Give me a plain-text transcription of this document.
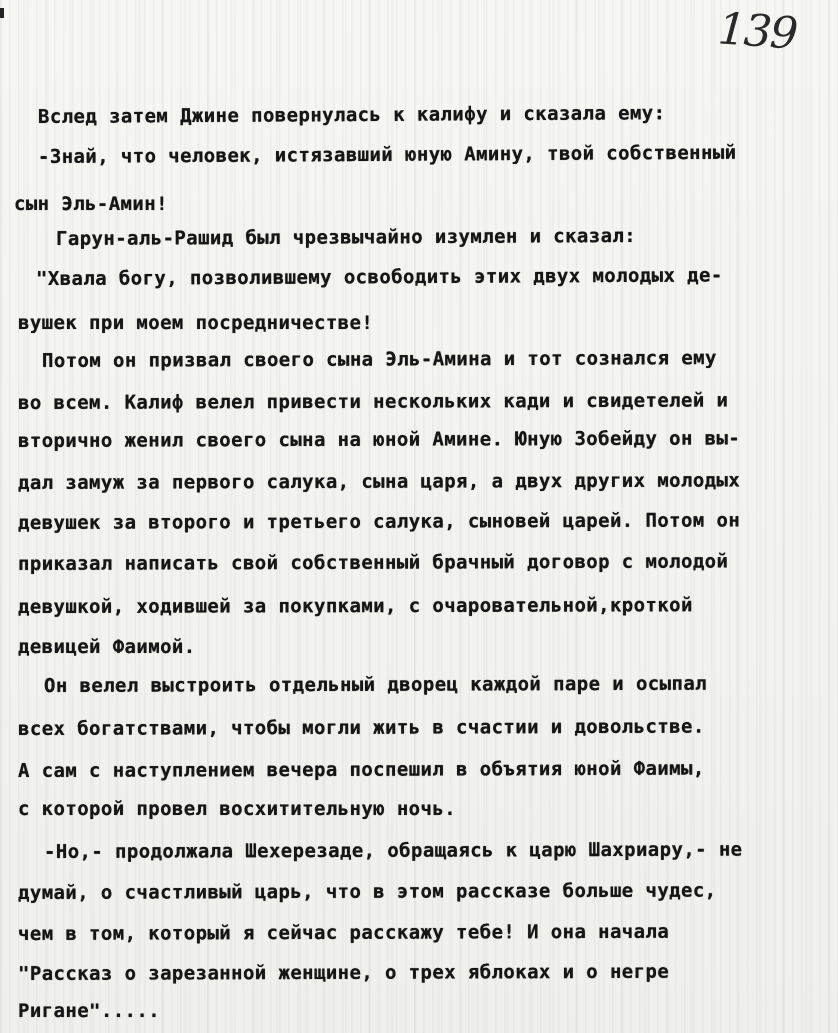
139
Вслед затем Джине повернулась к калифу и сказала ему:
-Знай, что человек, истязавший юную Амину, твой собственный
сын Эль-Амин!
Гарун-аль-Рашид был чрезвычайно изумлен и сказал:
"Хвала богу, позволившему освободить этих двух молодых де-
вушек при моем посредничестве!
Потом он призвал своего сына Эль-Амина и тот сознался ему
во всем. Калиф велел привести нескольких кади и свидетелей и
вторично женил своего сына на юной Амине. Юную Зобейду он вы-
дал замуж за первого салука, сына царя, а двух других молодых
девушек за второго и третьего салука, сыновей царей. Потом он
приказал написать свой собственный брачный договор с молодой
девушкой, ходившей за покупками, с очаровательной,кроткой
девицей Фаимой.
Он велел выстроить отдельный дворец каждой паре и осыпал
всех богатствами, чтобы могли жить в счастии и довольстве.
А сам с наступлением вечера поспешил в объятия юной Фаимы,
с которой провел восхитительную ночь.
-Но,- продолжала Шехерезаде, обращаясь к царю Шахриару,- не
думай, о счастливый царь, что в этом рассказе больше чудес,
чем в том, который я сейчас расскажу тебе! И она начала
"Рассказ о зарезанной женщине, о трех яблоках и о негре
Ригане".....
